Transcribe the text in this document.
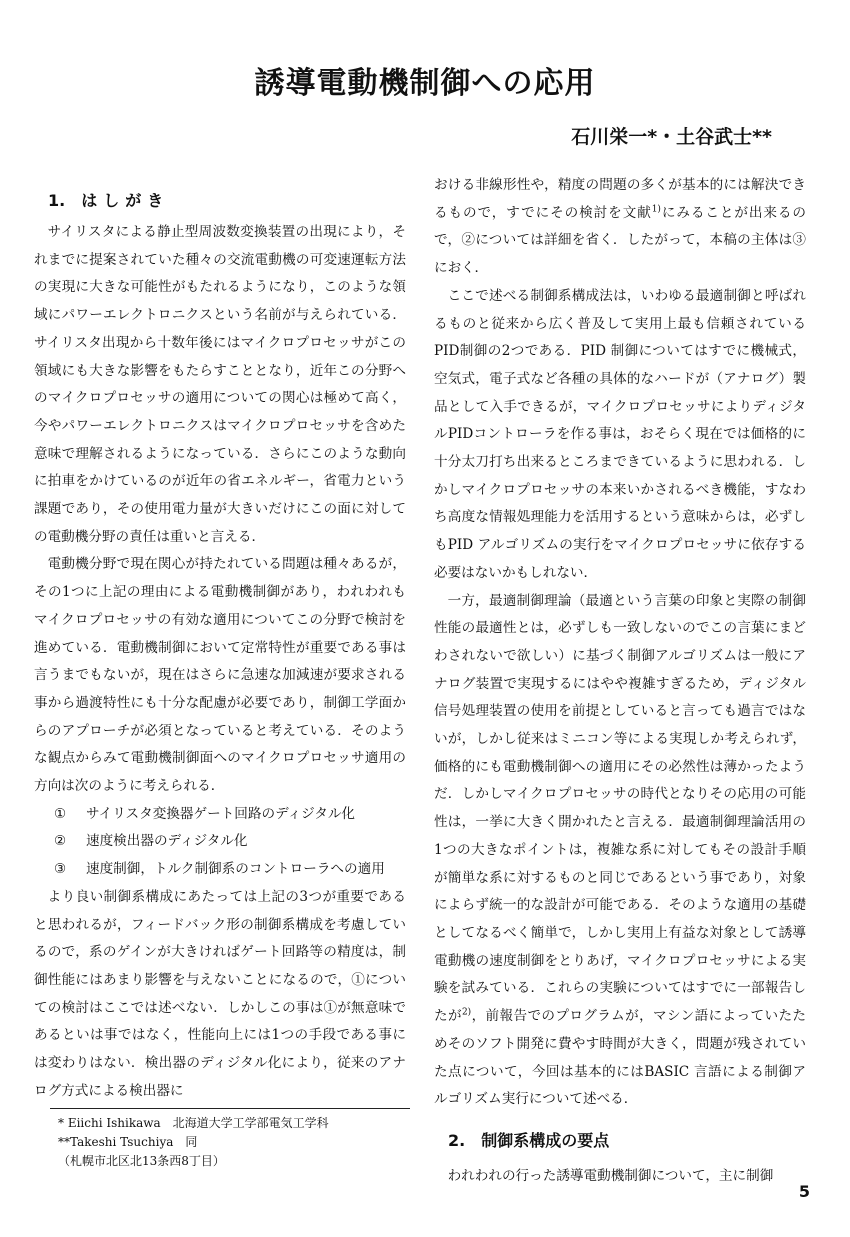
誘導電動機制御への応用
石川栄一*・土谷武士**
1. はしがき

サイリスタによる静止型周波数変換装置の出現により，それまでに提案されていた種々の交流電動機の可変速運転方法の実現に大きな可能性がもたれるようになり，このような領域にパワーエレクトロニクスという名前が与えられている．サイリスタ出現から十数年後にはマイクロプロセッサがこの領域にも大きな影響をもたらすこととなり，近年この分野へのマイクロプロセッサの適用についての関心は極めて高く，今やパワーエレクトロニクスはマイクロプロセッサを含めた意味で理解されるようになっている．さらにこのような動向に拍車をかけているのが近年の省エネルギー，省電力という課題であり，その使用電力量が大きいだけにこの面に対しての電動機分野の責任は重いと言える．

電動機分野で現在関心が持たれている問題は種々あるが，その1つに上記の理由による電動機制御があり，われわれもマイクロプロセッサの有効な適用についてこの分野で検討を進めている．電動機制御において定常特性が重要である事は言うまでもないが，現在はさらに急速な加減速が要求される事から過渡特性にも十分な配慮が必要であり，制御工学面からのアプローチが必須となっていると考えている．そのような観点からみて電動機制御面へのマイクロプロセッサ適用の方向は次のように考えられる．

① サイリスタ変換器ゲート回路のディジタル化
② 速度検出器のディジタル化
③ 速度制御，トルク制御系のコントローラへの適用

より良い制御系構成にあたっては上記の3つが重要であると思われるが，フィードバック形の制御系構成を考慮しているので，系のゲインが大きければゲート回路等の精度は，制御性能にはあまり影響を与えないことになるので，①についての検討はここでは述べない．しかしこの事は①が無意味であるといは事ではなく，性能向上には1つの手段である事には変わりはない．検出器のディジタル化により，従来のアナログ方式による検出器に

おける非線形性や，精度の問題の多くが基本的には解決できるもので，すでにその検討を文献$^{1)}$にみることが出来るので，②については詳細を省く．したがって，本稿の主体は③におく．

ここで述べる制御系構成法は，いわゆる最適制御と呼ばれるものと従来から広く普及して実用上最も信頼されているPID制御の2つである．PID 制御についてはすでに機械式，空気式，電子式など各種の具体的なハードが（アナログ）製品として入手できるが，マイクロプロセッサによりディジタルPIDコントローラを作る事は，おそらく現在では価格的に十分太刀打ち出来るところまできているように思われる．しかしマイクロプロセッサの本来いかされるべき機能，すなわち高度な情報処理能力を活用するという意味からは，必ずしもPID アルゴリズムの実行をマイクロプロセッサに依存する必要はないかもしれない．

一方，最適制御理論（最適という言葉の印象と実際の制御性能の最適性とは，必ずしも一致しないのでこの言葉にまどわされないで欲しい）に基づく制御アルゴリズムは一般にアナログ装置で実現するにはやや複雑すぎるため，ディジタル信号処理装置の使用を前提としていると言っても過言ではないが，しかし従来はミニコン等による実現しか考えられず，価格的にも電動機制御への適用にその必然性は薄かったようだ．しかしマイクロプロセッサの時代となりその応用の可能性は，一挙に大きく開かれたと言える．最適制御理論活用の1つの大きなポイントは，複雑な系に対してもその設計手順が簡単な系に対するものと同じであるという事であり，対象によらず統一的な設計が可能である．そのような適用の基礎としてなるべく簡単で，しかし実用上有益な対象として誘導電動機の速度制御をとりあげ，マイクロプロセッサによる実験を試みている．これらの実験についてはすでに一部報告したが$^{2)}$，前報告でのプログラムが，マシン語によっていたためそのソフト開発に費やす時間が大きく，問題が残されていた点について，今回は基本的にはBASIC 言語による制御アルゴリズム実行について述べる．

2. 制御系構成の要点

われわれの行った誘導電動機制御について，主に制御

* Eiichi Ishikawa　北海道大学工学部電気工学科
**Takeshi Tsuchiya　同
（札幌市北区北13条西8丁目）
5
